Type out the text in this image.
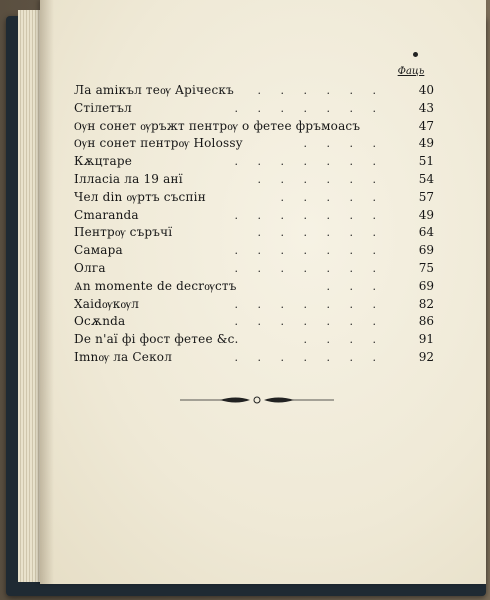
Фаць
Ла аmiкъл теѹ Арiческъ	. . . . . .	40
Стiлетъл	. . . . . . .	43
Ѹн сонет ѹръжт пентрѹ о фетее фръмоасъ	47
Ѹн сонет пентрѹ Holossy	. . . .	49
Кѫцтаре	. . . . . . .	51
Iлласia ла 19 анї	. . . . . .	54
Чел din ѹртъ съспiн	. . . . .	57
Сmaranda	. . . . . . .	49
Пентрѹ съръчї	. . . . . .	64
Самара	. . . . . . .	69
Олга	. . . . . . .	75
Ѧn momente de decrѹстъ	. . .	69
Хaidѹкѹл	. . . . . . .	82
Осѫnda	. . . . . . .	86
De n'aї фi фост фетее &c.	. . . .	91
Imnѹ ла Секол	. . . . . . .	92
